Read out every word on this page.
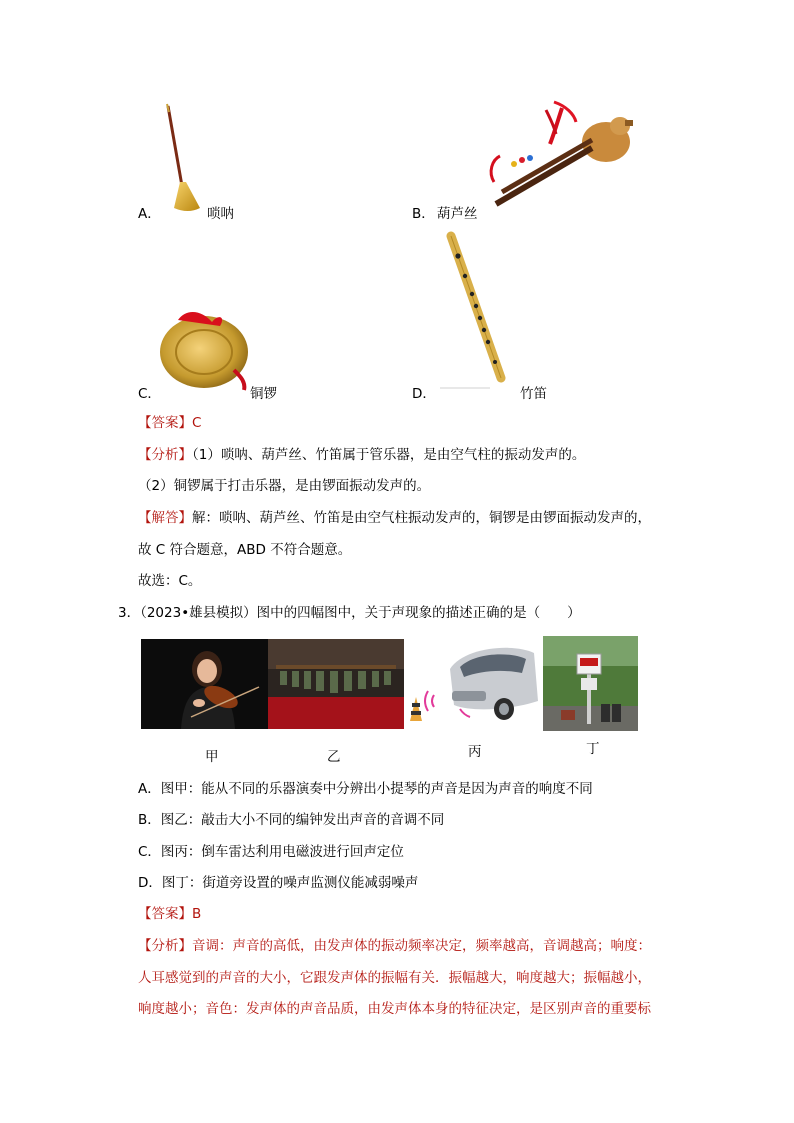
A．	唢呐	B． 葫芦丝
C．	铜锣	D．	竹笛
【答案】C
【分析】（1）唢呐、葫芦丝、竹笛属于管乐器，是由空气柱的振动发声的。
（2）铜锣属于打击乐器，是由锣面振动发声的。
【解答】解：唢呐、葫芦丝、竹笛是由空气柱振动发声的，铜锣是由锣面振动发声的，
故 C 符合题意，ABD 不符合题意。
故选：C。
3．（2023•雄县模拟）图中的四幅图中，关于声现象的描述正确的是（　　）
甲	乙	丙	丁
A．图甲：能从不同的乐器演奏中分辨出小提琴的声音是因为声音的响度不同
B．图乙：敲击大小不同的编钟发出声音的音调不同
C．图丙：倒车雷达利用电磁波进行回声定位
D．图丁：街道旁设置的噪声监测仪能减弱噪声
【答案】B
【分析】音调：声音的高低，由发声体的振动频率决定，频率越高，音调越高；响度：
人耳感觉到的声音的大小，它跟发声体的振幅有关．振幅越大，响度越大；振幅越小，
响度越小；音色：发声体的声音品质，由发声体本身的特征决定，是区别声音的重要标
